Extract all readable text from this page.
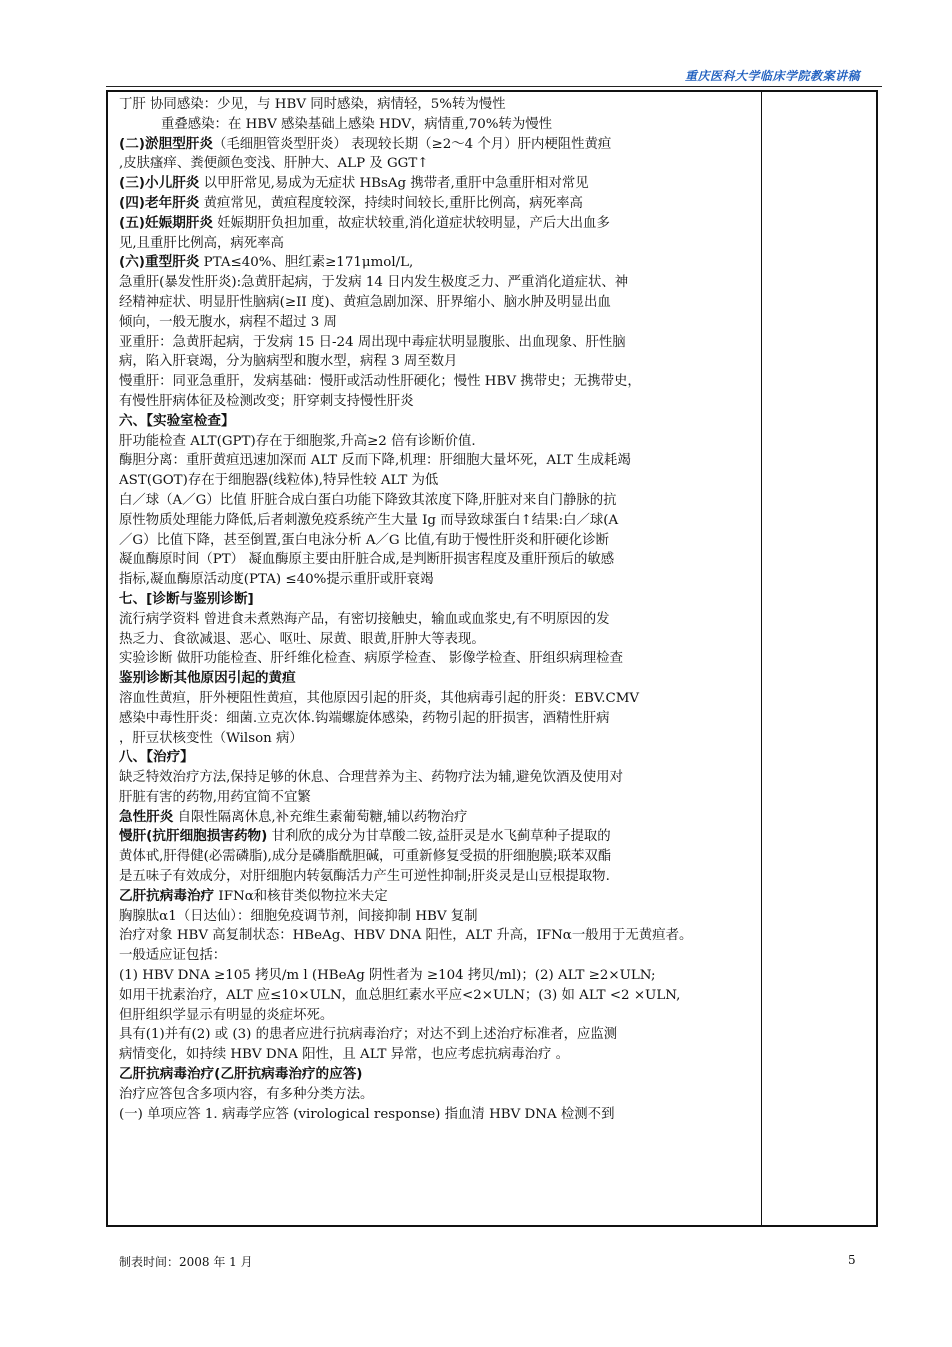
重庆医科大学临床学院教案讲稿

丁肝 协同感染：少见，与 HBV 同时感染，病情轻，5%转为慢性

重叠感染：在 HBV 感染基础上感染 HDV，病情重,70%转为慢性

(二)淤胆型肝炎（毛细胆管炎型肝炎） 表现较长期（≥2～4 个月）肝内梗阻性黄疸

,皮肤瘙痒、粪便颜色变浅、肝肿大、ALP 及 GGT↑

(三)小儿肝炎 以甲肝常见,易成为无症状 HBsAg 携带者,重肝中急重肝相对常见

(四)老年肝炎 黄疸常见，黄疸程度较深，持续时间较长,重肝比例高，病死率高

(五)妊娠期肝炎 妊娠期肝负担加重，故症状较重,消化道症状较明显，产后大出血多

见,且重肝比例高，病死率高

(六)重型肝炎 PTA≤40%、胆红素≥171μmol/L,

急重肝(暴发性肝炎):急黄肝起病，于发病 14 日内发生极度乏力、严重消化道症状、神

经精神症状、明显肝性脑病(≥II 度)、黄疸急剧加深、肝界缩小、脑水肿及明显出血

倾向，一般无腹水，病程不超过 3 周

亚重肝：急黄肝起病，于发病 15 日-24 周出现中毒症状明显腹胀、出血现象、肝性脑

病，陷入肝衰竭，分为脑病型和腹水型，病程 3 周至数月

慢重肝：同亚急重肝，发病基础：慢肝或活动性肝硬化；慢性 HBV 携带史；无携带史，

有慢性肝病体征及检测改变；肝穿刺支持慢性肝炎

六、【实验室检查】

肝功能检查 ALT(GPT)存在于细胞浆,升高≥2 倍有诊断价值.

酶胆分离：重肝黄疸迅速加深而 ALT 反而下降,机理：肝细胞大量坏死，ALT 生成耗竭

AST(GOT)存在于细胞器(线粒体),特异性较 ALT 为低

白／球（A／G）比值 肝脏合成白蛋白功能下降致其浓度下降,肝脏对来自门静脉的抗

原性物质处理能力降低,后者刺激免疫系统产生大量 Ig 而导致球蛋白↑结果:白／球(A

／G）比值下降，甚至倒置,蛋白电泳分析 A／G 比值,有助于慢性肝炎和肝硬化诊断

凝血酶原时间（PT） 凝血酶原主要由肝脏合成,是判断肝损害程度及重肝预后的敏感

指标,凝血酶原活动度(PTA) ≤40%提示重肝或肝衰竭

七、[诊断与鉴别诊断]

流行病学资料 曾进食未煮熟海产品，有密切接触史，输血或血浆史,有不明原因的发

热乏力、食欲减退、恶心、呕吐、尿黄、眼黄,肝肿大等表现。

实验诊断 做肝功能检查、肝纤维化检查、病原学检查、 影像学检查、肝组织病理检查

鉴别诊断其他原因引起的黄疸

溶血性黄疸，肝外梗阻性黄疸，其他原因引起的肝炎，其他病毒引起的肝炎：EBV.CMV

感染中毒性肝炎：细菌.立克次体.钩端螺旋体感染，药物引起的肝损害，酒精性肝病

，肝豆状核变性（Wilson 病）

八、【治疗】

缺乏特效治疗方法,保持足够的休息、合理营养为主、药物疗法为辅,避免饮酒及使用对

肝脏有害的药物,用药宜简不宜繁

急性肝炎 自限性隔离休息,补充维生素葡萄糖,辅以药物治疗

慢肝(抗肝细胞损害药物) 甘利欣的成分为甘草酸二铵,益肝灵是水飞蓟草种子提取的

黄体甙,肝得健(必需磷脂),成分是磷脂酰胆碱，可重新修复受损的肝细胞膜;联苯双酯

是五味子有效成分，对肝细胞内转氨酶活力产生可逆性抑制;肝炎灵是山豆根提取物.

乙肝抗病毒治疗 IFNα和核苷类似物拉米夫定

胸腺肽α1（日达仙）：细胞免疫调节剂，间接抑制 HBV 复制

治疗对象 HBV 高复制状态：HBeAg、HBV DNA 阳性，ALT 升高，IFNα一般用于无黄疸者。

一般适应证包括：

(1) HBV DNA ≥105 拷贝/m l (HBeAg 阴性者为 ≥104 拷贝/ml)；(2) ALT ≥2×ULN;

如用干扰素治疗，ALT 应≤10×ULN，血总胆红素水平应<2×ULN；(3) 如 ALT <2 ×ULN,

但肝组织学显示有明显的炎症坏死。

具有(1)并有(2) 或 (3) 的患者应进行抗病毒治疗；对达不到上述治疗标准者，应监测

病情变化，如持续 HBV DNA 阳性，且 ALT 异常，也应考虑抗病毒治疗 。

乙肝抗病毒治疗(乙肝抗病毒治疗的应答)

治疗应答包含多项内容，有多种分类方法。

(一) 单项应答 1. 病毒学应答 (virological response) 指血清 HBV DNA 检测不到

制表时间：2008 年 1 月	5
